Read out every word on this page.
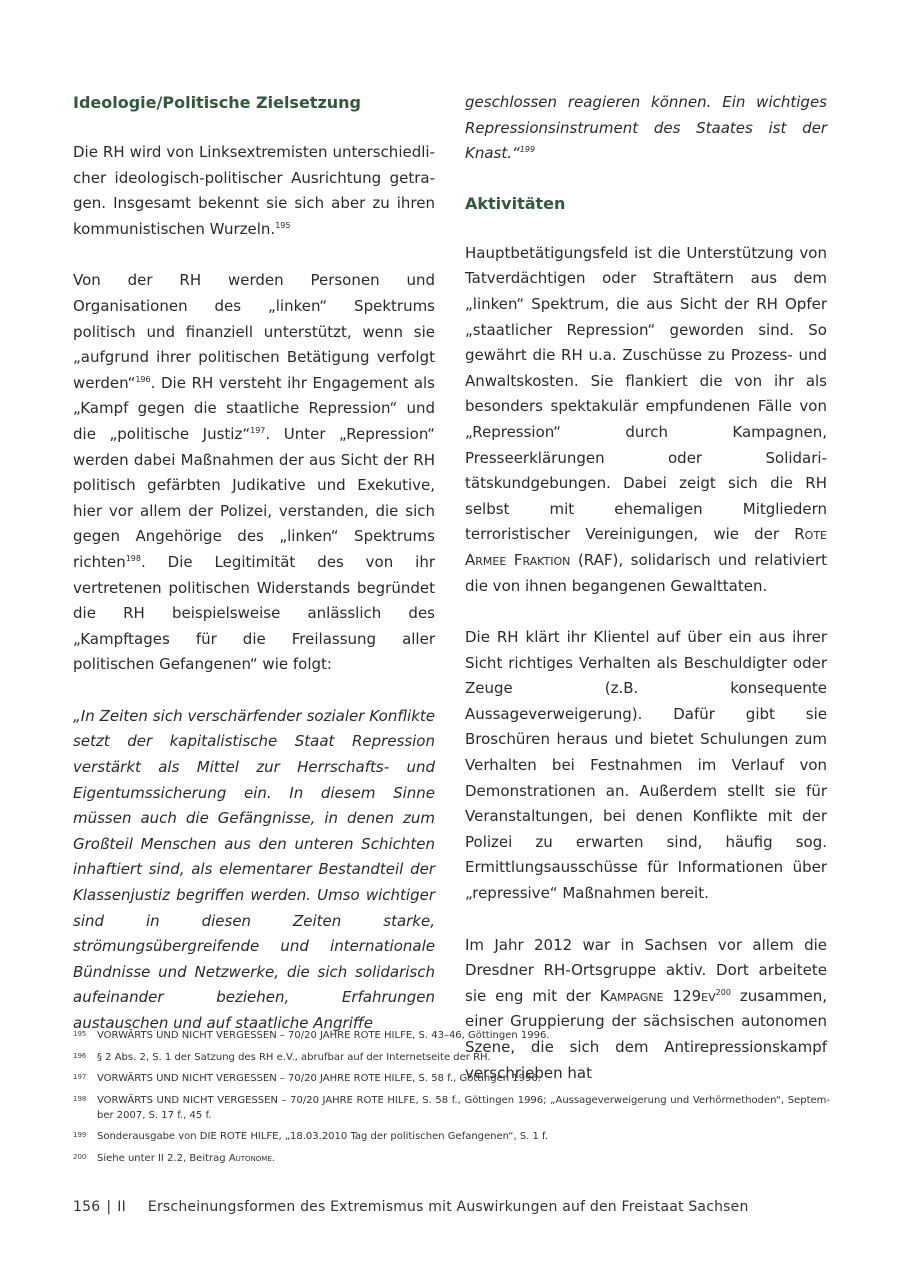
Ideologie/Politische Zielsetzung

Die RH wird von Linksextremisten unterschiedlicher ideologisch-politischer Ausrichtung getragen. Insgesamt bekennt sie sich aber zu ihren kommunistischen Wurzeln.$^{195}$

Von der RH werden Personen und Organisationen des „linken“ Spektrums politisch und finanziell unterstützt, wenn sie „aufgrund ihrer politischen Betätigung verfolgt werden“$^{196}$. Die RH versteht ihr Engagement als „Kampf gegen die staatliche Repression“ und die „politische Justiz“$^{197}$. Unter „Repression“ werden dabei Maßnahmen der aus Sicht der RH politisch gefärbten Judikative und Exekutive, hier vor allem der Polizei, verstanden, die sich gegen Angehörige des „linken“ Spektrums richten$^{198}$. Die Legitimität des von ihr vertretenen politischen Widerstands begründet die RH beispielsweise anlässlich des „Kampftages für die Freilassung aller politischen Gefangenen“ wie folgt:

„In Zeiten sich verschärfender sozialer Konflikte setzt der kapitalistische Staat Repression verstärkt als Mittel zur Herrschafts- und Eigentumssicherung ein. In diesem Sinne müssen auch die Gefängnisse, in denen zum Großteil Menschen aus den unteren Schichten inhaftiert sind, als elementarer Bestandteil der Klassenjustiz begriffen werden. Umso wichtiger sind in diesen Zeiten starke, strömungsübergreifende und internationale Bündnisse und Netzwerke, die sich solidarisch aufeinander beziehen, Erfahrungen austauschen und auf staatliche Angriffe

geschlossen reagieren können. Ein wichtiges Repressionsinstrument des Staates ist der Knast.“$^{199}$

Aktivitäten

Hauptbetätigungsfeld ist die Unterstützung von Tatverdächtigen oder Straftätern aus dem „linken“ Spektrum, die aus Sicht der RH Opfer „staatlicher Repression“ geworden sind. So gewährt die RH u.a. Zuschüsse zu Prozess- und Anwaltskosten. Sie flankiert die von ihr als besonders spektakulär empfundenen Fälle von „Repression“ durch Kampagnen, Presseerklärungen oder Solidaritätskundgebungen. Dabei zeigt sich die RH selbst mit ehemaligen Mitgliedern terroristischer Vereinigungen, wie der Rote Armee Fraktion (RAF), solidarisch und relativiert die von ihnen begangenen Gewalttaten.

Die RH klärt ihr Klientel auf über ein aus ihrer Sicht richtiges Verhalten als Beschuldigter oder Zeuge (z.B. konsequente Aussageverweigerung). Dafür gibt sie Broschüren heraus und bietet Schulungen zum Verhalten bei Festnahmen im Verlauf von Demonstrationen an. Außerdem stellt sie für Veranstaltungen, bei denen Konflikte mit der Polizei zu erwarten sind, häufig sog. Ermittlungsausschüsse für Informationen über „repressive“ Maßnahmen bereit.

Im Jahr 2012 war in Sachsen vor allem die Dresdner RH-Ortsgruppe aktiv. Dort arbeitete sie eng mit der Kampagne $129ev^{200}$ zusammen, einer Gruppierung der sächsischen autonomen Szene, die sich dem Antirepressionskampf verschrieben hat

195	VORWÄRTS UND NICHT VERGESSEN – 70/20 JAHRE ROTE HILFE, S. 43–46, Göttingen 1996.
196	§ 2 Abs. 2, S. 1 der Satzung des RH e.V., abrufbar auf der Internetseite der RH.
197	VORWÄRTS UND NICHT VERGESSEN – 70/20 JAHRE ROTE HILFE, S. 58 f., Göttingen 1996.
198	VORWÄRTS UND NICHT VERGESSEN – 70/20 JAHRE ROTE HILFE, S. 58 f., Göttingen 1996; „Aussageverweigerung und Verhörmethoden“, September 2007, S. 17 f., 45 f.
199	Sonderausgabe von DIE ROTE HILFE, „18.03.2010 Tag der politischen Gefangenen“, S. 1 f.
200	Siehe unter II 2.2, Beitrag Autonome.
156 | II Erscheinungsformen des Extremismus mit Auswirkungen auf den Freistaat Sachsen
